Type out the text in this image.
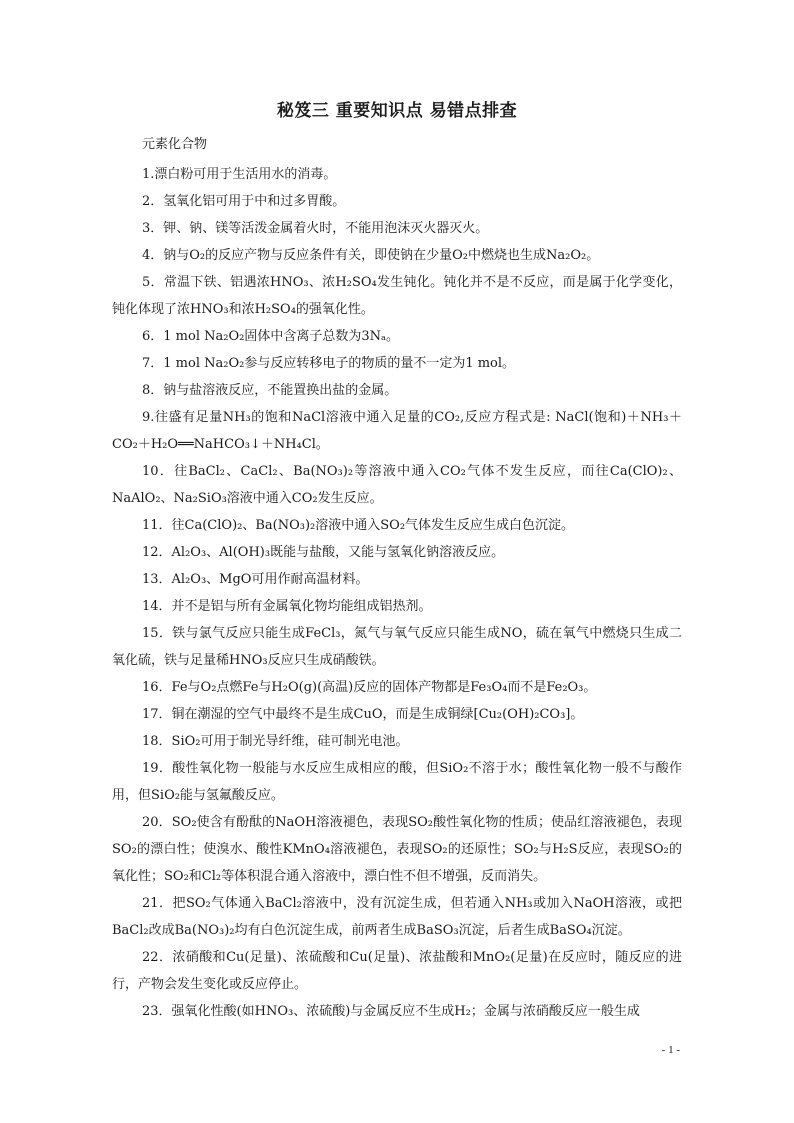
秘笈三 重要知识点 易错点排查
元素化合物

1.漂白粉可用于生活用水的消毒。

2．氢氧化铝可用于中和过多胃酸。

3．钾、钠、镁等活泼金属着火时，不能用泡沫灭火器灭火。

4．钠与O₂的反应产物与反应条件有关，即使钠在少量O₂中燃烧也生成Na₂O₂。

5．常温下铁、铝遇浓HNO₃、浓H₂SO₄发生钝化。钝化并不是不反应，而是属于化学变化，钝化体现了浓HNO₃和浓H₂SO₄的强氧化性。

6．1 mol Na₂O₂固体中含离子总数为3Nₐ。

7．1 mol Na₂O₂参与反应转移电子的物质的量不一定为1 mol。

8．钠与盐溶液反应，不能置换出盐的金属。

9.往盛有足量NH₃的饱和NaCl溶液中通入足量的CO₂,反应方程式是: NaCl(饱和)＋NH₃＋CO₂＋H₂O══NaHCO₃↓＋NH₄Cl。

10．往BaCl₂、CaCl₂、Ba(NO₃)₂等溶液中通入CO₂气体不发生反应，而往Ca(ClO)₂、NaAlO₂、Na₂SiO₃溶液中通入CO₂发生反应。

11．往Ca(ClO)₂、Ba(NO₃)₂溶液中通入SO₂气体发生反应生成白色沉淀。

12．Al₂O₃、Al(OH)₃既能与盐酸，又能与氢氧化钠溶液反应。

13．Al₂O₃、MgO可用作耐高温材料。

14．并不是铝与所有金属氧化物均能组成铝热剂。

15．铁与氯气反应只能生成FeCl₃，氮气与氧气反应只能生成NO，硫在氧气中燃烧只生成二氧化硫，铁与足量稀HNO₃反应只生成硝酸铁。

16．Fe与O₂点燃Fe与H₂O(g)(高温)反应的固体产物都是Fe₃O₄而不是Fe₂O₃。

17．铜在潮湿的空气中最终不是生成CuO，而是生成铜绿[Cu₂(OH)₂CO₃]。

18．SiO₂可用于制光导纤维，硅可制光电池。

19．酸性氧化物一般能与水反应生成相应的酸，但SiO₂不溶于水；酸性氧化物一般不与酸作用，但SiO₂能与氢氟酸反应。

20．SO₂使含有酚酞的NaOH溶液褪色，表现SO₂酸性氧化物的性质；使品红溶液褪色，表现SO₂的漂白性；使溴水、酸性KMnO₄溶液褪色，表现SO₂的还原性；SO₂与H₂S反应，表现SO₂的氧化性；SO₂和Cl₂等体积混合通入溶液中，漂白性不但不增强，反而消失。

21．把SO₂气体通入BaCl₂溶液中，没有沉淀生成，但若通入NH₃或加入NaOH溶液，或把BaCl₂改成Ba(NO₃)₂均有白色沉淀生成，前两者生成BaSO₃沉淀，后者生成BaSO₄沉淀。

22．浓硝酸和Cu(足量)、浓硫酸和Cu(足量)、浓盐酸和MnO₂(足量)在反应时，随反应的进行，产物会发生变化或反应停止。

23．强氧化性酸(如HNO₃、浓硫酸)与金属反应不生成H₂；金属与浓硝酸反应一般生成

- 1 -
